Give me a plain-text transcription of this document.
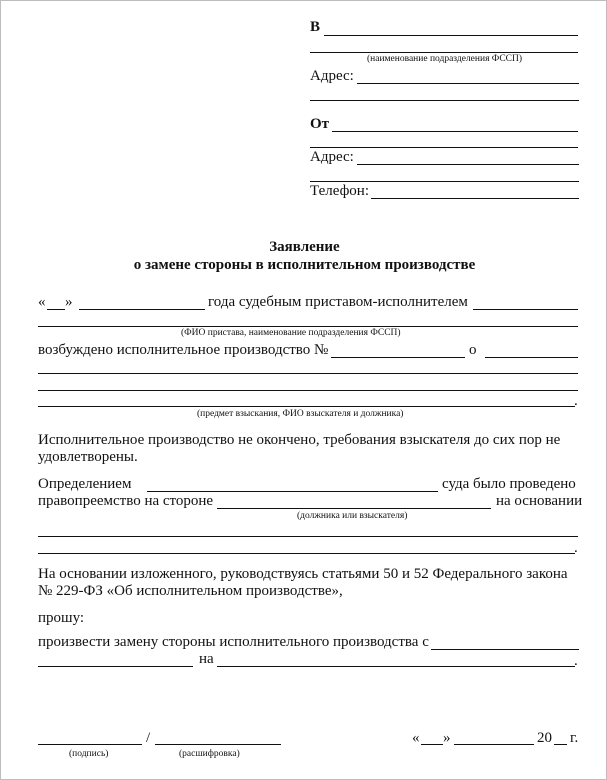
В
(наименование подразделения ФССП)
Адрес:
От
Адрес:
Телефон:
Заявление
о замене стороны в исполнительном производстве
« »	года судебным приставом-исполнителем
(ФИО пристава, наименование подразделения ФССП)
возбуждено исполнительное производство №	о
.
(предмет взыскания, ФИО взыскателя и должника)
Исполнительное производство не окончено, требования взыскателя до сих пор не
удовлетворены.
Определением	суда было проведено
правопреемство на стороне	на основании
(должника или взыскателя)
.
На основании изложенного, руководствуясь статьями 50 и 52 Федерального закона
№ 229-ФЗ «Об исполнительном производстве»,
прошу:
произвести замену стороны исполнительного производства с
на	.
/
(подпись)	(расшифровка)
« »	20 г.
